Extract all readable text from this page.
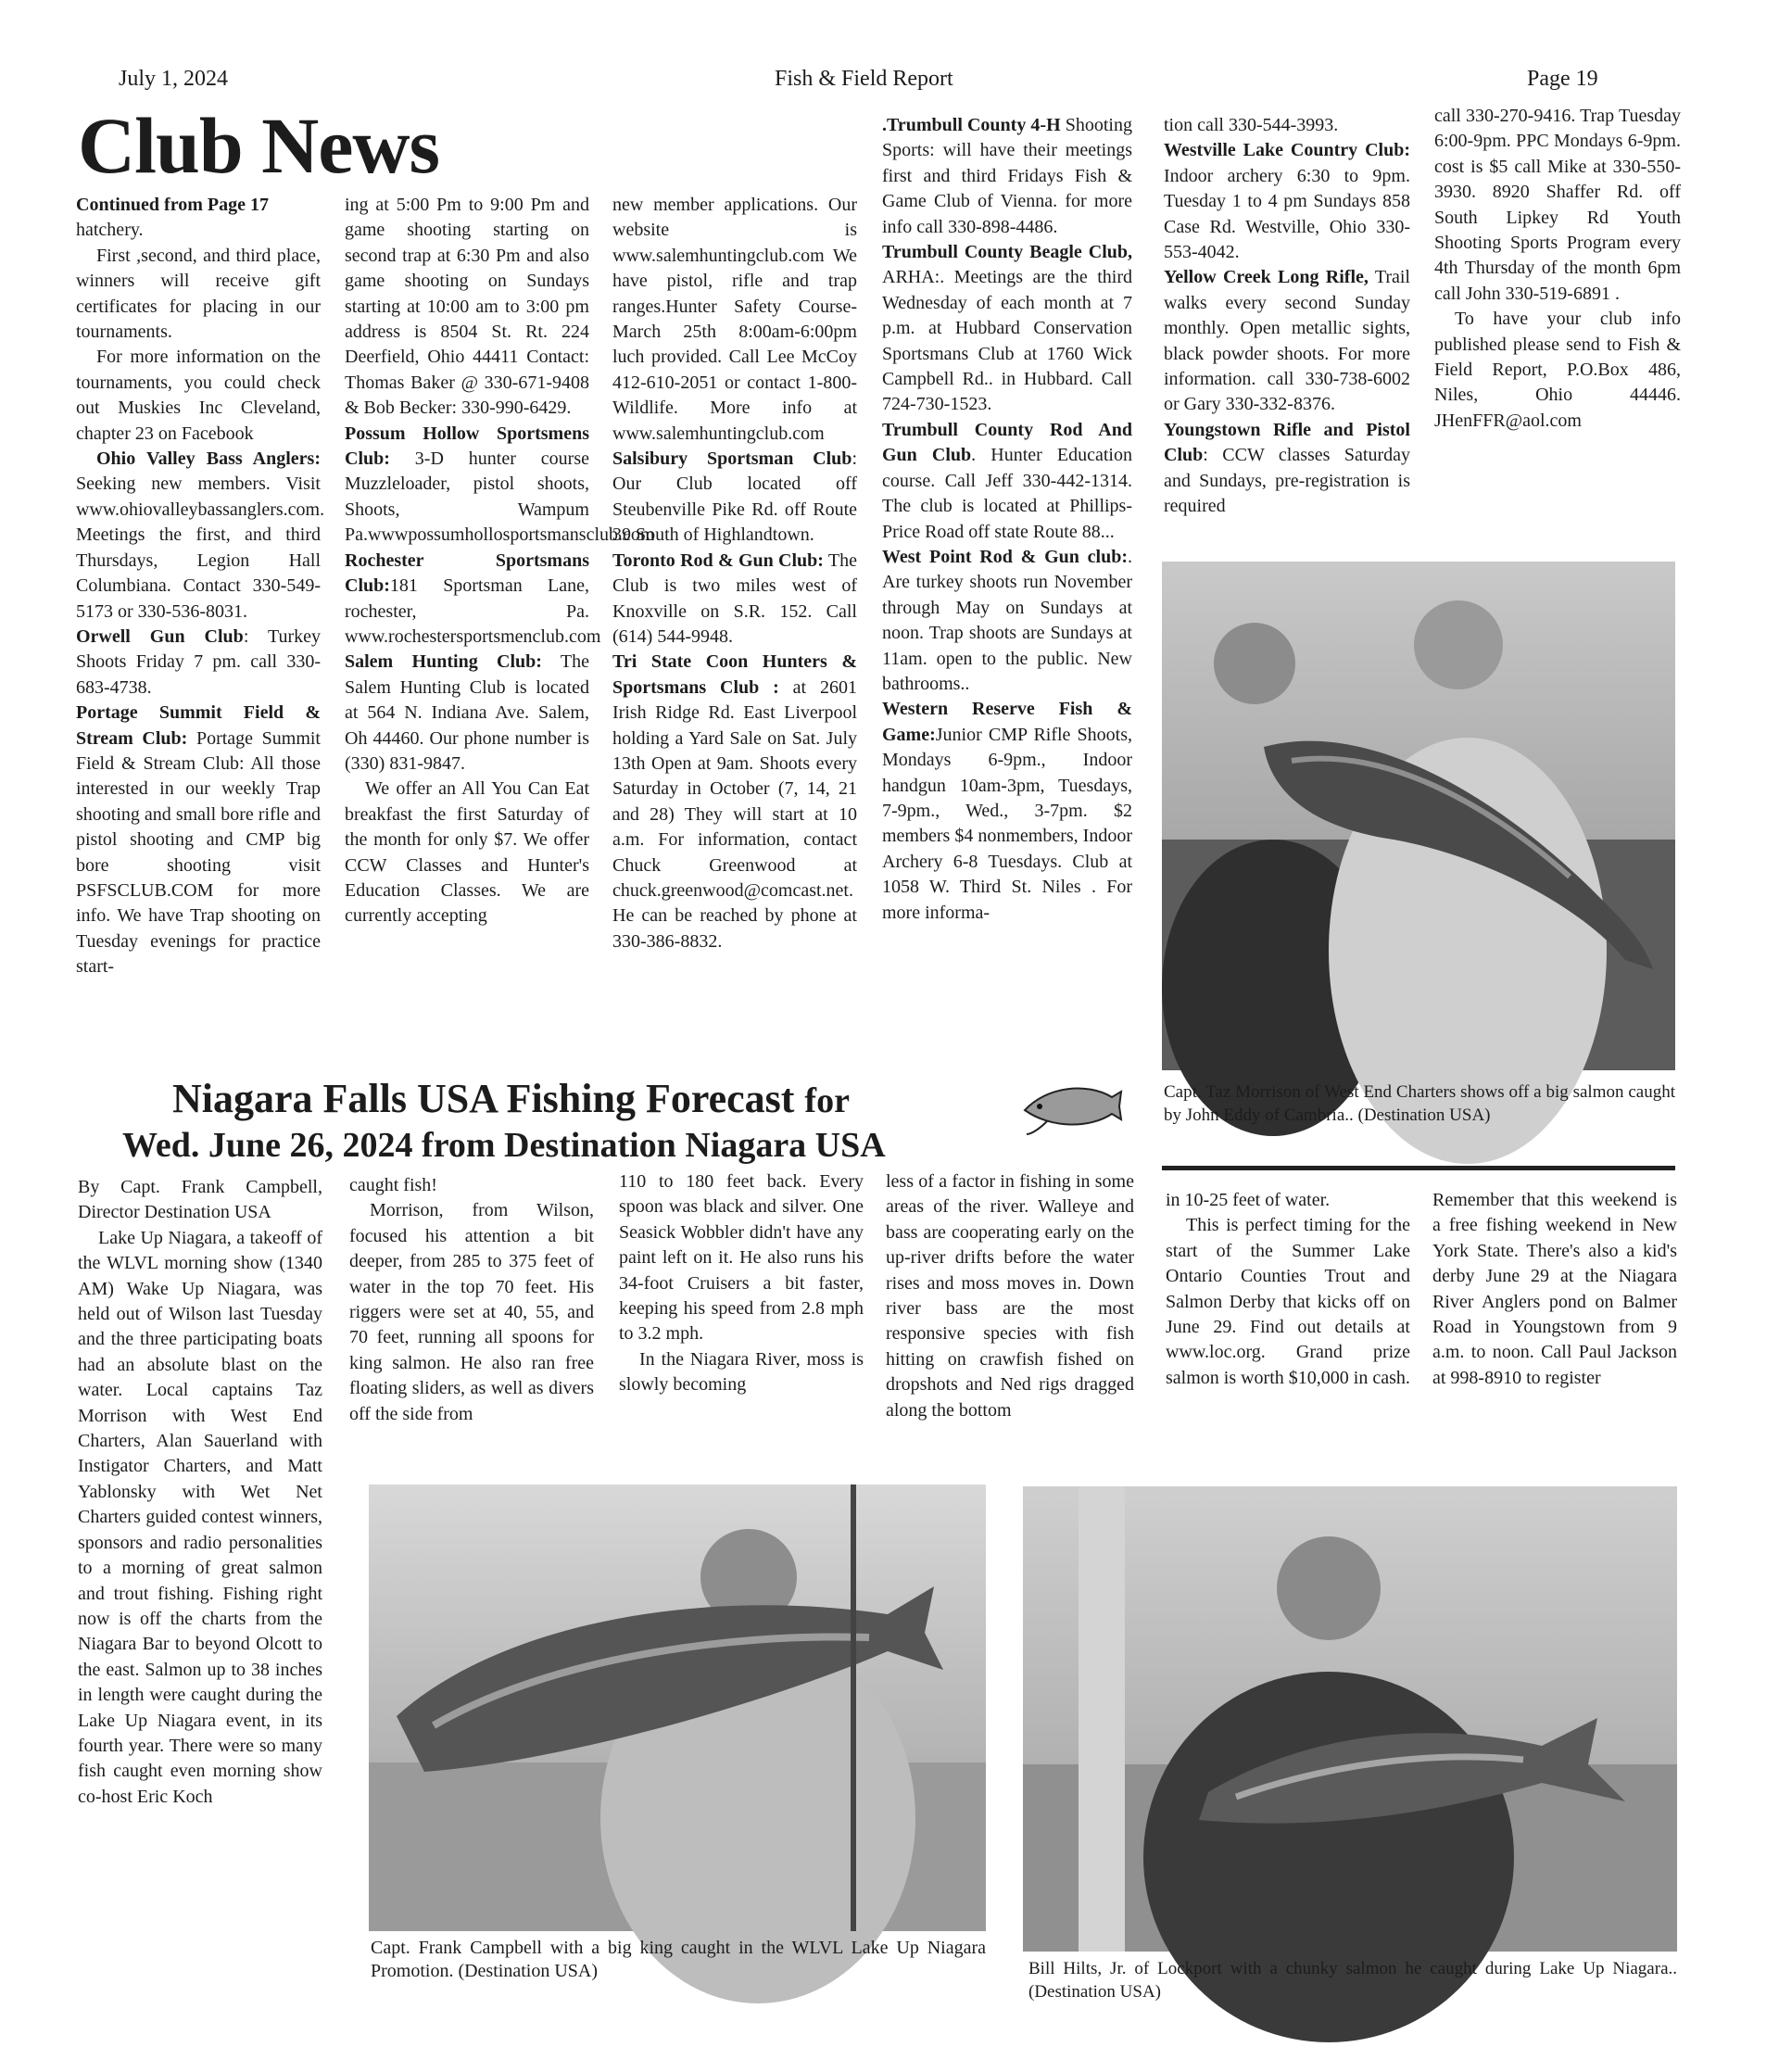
July 1, 2024	Fish & Field Report	Page 19
Club News

Continued from Page 17

hatchery.

First ,second, and third place, winners will receive gift certificates for placing in our tournaments.

For more information on the tournaments, you could check out Muskies Inc Cleveland, chapter 23 on Facebook

Ohio Valley Bass Anglers: Seeking new members. Visit www.ohiovalleybassanglers.com. Meetings the first, and third Thursdays, Legion Hall Columbiana. Contact 330-549-5173 or 330-536-8031.

Orwell Gun Club: Turkey Shoots Friday 7 pm. call 330-683-4738.

Portage Summit Field & Stream Club: Portage Summit Field & Stream Club: All those interested in our weekly Trap shooting and small bore rifle and pistol shooting and CMP big bore shooting visit PSFSCLUB.COM for more info. We have Trap shooting on Tuesday evenings for practice start-

ing at 5:00 Pm to 9:00 Pm and game shooting starting on second trap at 6:30 Pm and also game shooting on Sundays starting at 10:00 am to 3:00 pm address is 8504 St. Rt. 224 Deerfield, Ohio 44411 Contact: Thomas Baker @ 330-671-9408 & Bob Becker: 330-990-6429.

Possum Hollow Sportsmens Club: 3-D hunter course Muzzleloader, pistol shoots, Shoots, Wampum Pa.wwwpossumhollosportsmansclub.com

Rochester Sportsmans Club:181 Sportsman Lane, rochester, Pa. www.rochestersportsmenclub.com

Salem Hunting Club: The Salem Hunting Club is located at 564 N. Indiana Ave. Salem, Oh 44460. Our phone number is (330) 831-9847.

We offer an All You Can Eat breakfast the first Saturday of the month for only $7. We offer CCW Classes and Hunter's Education Classes. We are currently accepting

new member applications. Our website is www.salemhuntingclub.com We have pistol, rifle and trap ranges.Hunter Safety Course-March 25th 8:00am-6:00pm luch provided. Call Lee McCoy 412-610-2051 or contact 1-800-Wildlife. More info at www.salemhuntingclub.com

Salsibury Sportsman Club: Our Club located off Steubenville Pike Rd. off Route 39 South of Highlandtown.

Toronto Rod & Gun Club: The Club is two miles west of Knoxville on S.R. 152. Call (614) 544-9948.

Tri State Coon Hunters & Sportsmans Club : at 2601 Irish Ridge Rd. East Liverpool holding a Yard Sale on Sat. July 13th Open at 9am. Shoots every Saturday in October (7, 14, 21 and 28) They will start at 10 a.m. For information, contact Chuck Greenwood at chuck.greenwood@comcast.net. He can be reached by phone at 330-386-8832.

.Trumbull County 4-H Shooting Sports: will have their meetings first and third Fridays Fish & Game Club of Vienna. for more info call 330-898-4486.

Trumbull County Beagle Club, ARHA:. Meetings are the third Wednesday of each month at 7 p.m. at Hubbard Conservation Sportsmans Club at 1760 Wick Campbell Rd.. in Hubbard. Call 724-730-1523.

Trumbull County Rod And Gun Club. Hunter Education course. Call Jeff 330-442-1314. The club is located at Phillips-Price Road off state Route 88...

West Point Rod & Gun club:. Are turkey shoots run November through May on Sundays at noon. Trap shoots are Sundays at 11am. open to the public. New bathrooms..

Western Reserve Fish & Game:Junior CMP Rifle Shoots, Mondays 6-9pm., Indoor handgun 10am-3pm, Tuesdays, 7-9pm., Wed., 3-7pm. $2 members $4 nonmembers, Indoor Archery 6-8 Tuesdays. Club at 1058 W. Third St. Niles . For more informa-

tion call 330-544-3993.

Westville Lake Country Club: Indoor archery 6:30 to 9pm. Tuesday 1 to 4 pm Sundays 858 Case Rd. Westville, Ohio 330-553-4042.

Yellow Creek Long Rifle, Trail walks every second Sunday monthly. Open metallic sights, black powder shoots. For more information. call 330-738-6002 or Gary 330-332-8376.

Youngstown Rifle and Pistol Club: CCW classes Saturday and Sundays, pre-registration is required

call 330-270-9416. Trap Tuesday 6:00-9pm. PPC Mondays 6-9pm. cost is $5 call Mike at 330-550-3930. 8920 Shaffer Rd. off South Lipkey Rd Youth Shooting Sports Program every 4th Thursday of the month 6pm call John 330-519-6891 .

To have your club info published please send to Fish & Field Report, P.O.Box 486, Niles, Ohio 44446. JHenFFR@aol.com

Capt. Taz Morrison of West End Charters shows off a big salmon caught by John Eddy of Cambria.. (Destination USA)
Niagara Falls USA Fishing Forecast for
Wed. June 26, 2024 from Destination Niagara USA

By Capt. Frank Campbell, Director Destination USA

Lake Up Niagara, a takeoff of the WLVL morning show (1340 AM) Wake Up Niagara, was held out of Wilson last Tuesday and the three participating boats had an absolute blast on the water. Local captains Taz Morrison with West End Charters, Alan Sauerland with Instigator Charters, and Matt Yablonsky with Wet Net Charters guided contest winners, sponsors and radio personalities to a morning of great salmon and trout fishing. Fishing right now is off the charts from the Niagara Bar to beyond Olcott to the east. Salmon up to 38 inches in length were caught during the Lake Up Niagara event, in its fourth year. There were so many fish caught even morning show co-host Eric Koch

caught fish!

Morrison, from Wilson, focused his attention a bit deeper, from 285 to 375 feet of water in the top 70 feet. His riggers were set at 40, 55, and 70 feet, running all spoons for king salmon. He also ran free floating sliders, as well as divers off the side from

110 to 180 feet back. Every spoon was black and silver. One Seasick Wobbler didn't have any paint left on it. He also runs his 34-foot Cruisers a bit faster, keeping his speed from 2.8 mph to 3.2 mph.

In the Niagara River, moss is slowly becoming

less of a factor in fishing in some areas of the river. Walleye and bass are cooperating early on the up-river drifts before the water rises and moss moves in. Down river bass are the most responsive species with fish hitting on crawfish fished on dropshots and Ned rigs dragged along the bottom

in 10-25 feet of water.

This is perfect timing for the start of the Summer Lake Ontario Counties Trout and Salmon Derby that kicks off on June 29. Find out details at www.loc.org. Grand prize salmon is worth $10,000 in cash.

Remember that this weekend is a free fishing weekend in New York State. There's also a kid's derby June 29 at the Niagara River Anglers pond on Balmer Road in Youngstown from 9 a.m. to noon. Call Paul Jackson at 998-8910 to register

Capt. Frank Campbell with a big king caught in the WLVL Lake Up Niagara Promotion. (Destination USA)	Bill Hilts, Jr. of Lockport with a chunky salmon he caught during Lake Up Niagara.. (Destination USA)
